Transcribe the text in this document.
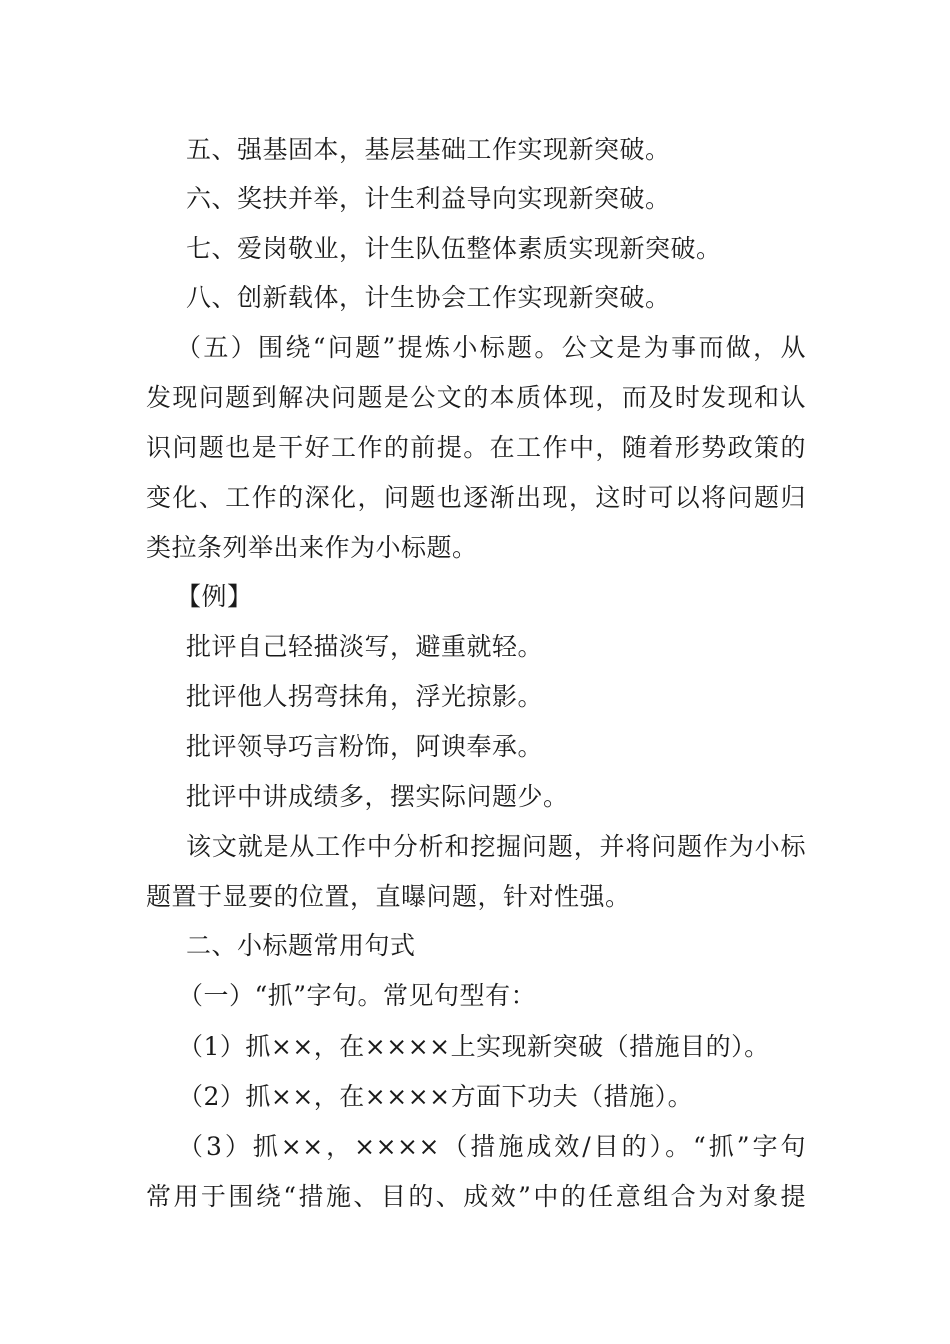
五、强基固本，基层基础工作实现新突破。
六、奖扶并举，计生利益导向实现新突破。
七、爱岗敬业，计生队伍整体素质实现新突破。
八、创新载体，计生协会工作实现新突破。
（五）围绕“问题”提炼小标题。公文是为事而做，从
发现问题到解决问题是公文的本质体现，而及时发现和认
识问题也是干好工作的前提。在工作中，随着形势政策的
变化、工作的深化，问题也逐渐出现，这时可以将问题归
类拉条列举出来作为小标题。
【例】
批评自己轻描淡写，避重就轻。
批评他人拐弯抹角，浮光掠影。
批评领导巧言粉饰，阿谀奉承。
批评中讲成绩多，摆实际问题少。
该文就是从工作中分析和挖掘问题，并将问题作为小标
题置于显要的位置，直曝问题，针对性强。
二、小标题常用句式
（一）“抓”字句。常见句型有：
（1）抓××，在××××上实现新突破（措施目的）。
（2）抓××，在××××方面下功夫（措施）。
（3）抓××，××××（措施成效/目的）。“抓”字句
常用于围绕“措施、目的、成效”中的任意组合为对象提
